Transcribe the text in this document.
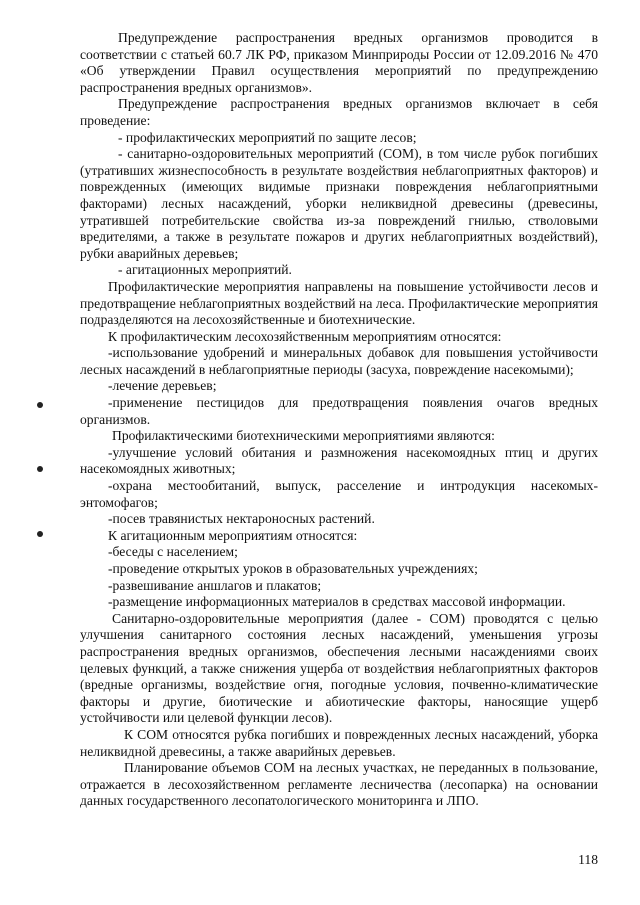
Предупреждение распространения вредных организмов проводится в соответствии с статьей 60.7 ЛК РФ, приказом Минприроды России от 12.09.2016 № 470 «Об утверждении Правил осуществления мероприятий по предупреждению распространения вредных организмов».

Предупреждение распространения вредных организмов включает в себя проведение:

- профилактических мероприятий по защите лесов;

- санитарно-оздоровительных мероприятий (СОМ), в том числе рубок погибших (утративших жизнеспособность в результате воздействия неблагоприятных факторов) и поврежденных (имеющих видимые признаки повреждения неблагоприятными факторами) лесных насаждений, уборки неликвидной древесины (древесины, утратившей потребительские свойства из-за повреждений гнилью, стволовыми вредителями, а также в результате пожаров и других неблагоприятных воздействий), рубки аварийных деревьев;

- агитационных мероприятий.

Профилактические мероприятия направлены на повышение устойчивости лесов и предотвращение неблагоприятных воздействий на леса. Профилактические мероприятия подразделяются на лесохозяйственные и биотехнические.

К профилактическим лесохозяйственным мероприятиям относятся:

-использование удобрений и минеральных добавок для повышения устойчивости лесных насаждений в неблагоприятные периоды (засуха, повреждение насекомыми);

-лечение деревьев;

-применение пестицидов для предотвращения появления очагов вредных организмов.

Профилактическими биотехническими мероприятиями являются:

-улучшение условий обитания и размножения насекомоядных птиц и других насекомоядных животных;

-охрана местообитаний, выпуск, расселение и интродукция насекомых-энтомофагов;

-посев травянистых нектароносных растений.

К агитационным мероприятиям относятся:

-беседы с населением;

-проведение открытых уроков в образовательных учреждениях;

-развешивание аншлагов и плакатов;

-размещение информационных материалов в средствах массовой информации.

Санитарно-оздоровительные мероприятия (далее - СОМ) проводятся с целью улучшения санитарного состояния лесных насаждений, уменьшения угрозы распространения вредных организмов, обеспечения лесными насаждениями своих целевых функций, а также снижения ущерба от воздействия неблагоприятных факторов (вредные организмы, воздействие огня, погодные условия, почвенно-климатические факторы и другие, биотические и абиотические факторы, наносящие ущерб устойчивости или целевой функции лесов).

К СОМ относятся рубка погибших и поврежденных лесных насаждений, уборка неликвидной древесины, а также аварийных деревьев.

Планирование объемов СОМ на лесных участках, не переданных в пользование, отражается в лесохозяйственном регламенте лесничества (лесопарка) на основании данных государственного лесопатологического мониторинга и ЛПО.

118
